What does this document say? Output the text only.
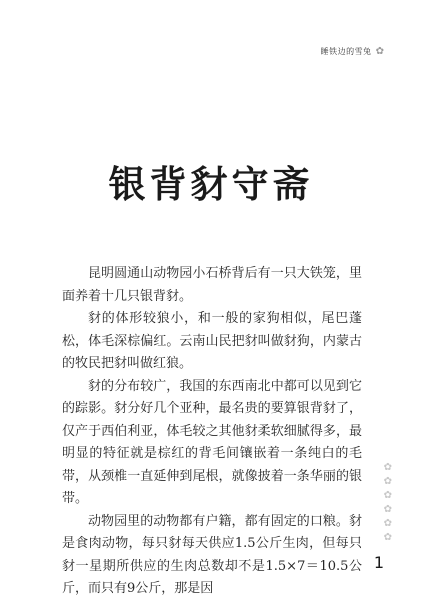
睡铁边的雪兔 ✿
银背豺守斋

昆明圆通山动物园小石桥背后有一只大铁笼，里面养着十几只银背豺。

豺的体形较狼小，和一般的家狗相似，尾巴蓬松，体毛深棕偏红。云南山民把豺叫做豺狗，内蒙古的牧民把豺叫做红狼。

豺的分布较广，我国的东西南北中都可以见到它的踪影。豺分好几个亚种，最名贵的要算银背豺了，仅产于西伯利亚，体毛较之其他豺柔软细腻得多，最明显的特征就是棕红的背毛间镶嵌着一条纯白的毛带，从颈椎一直延伸到尾根，就像披着一条华丽的银带。

动物园里的动物都有户籍，都有固定的口粮。豺是食肉动物，每只豺每天供应1.5公斤生肉，但每只豺一星期所供应的生肉总数却不是1.5×7＝10.5公斤，而只有9公斤，那是因

✿
✿
✿
✿
✿
✿
1
